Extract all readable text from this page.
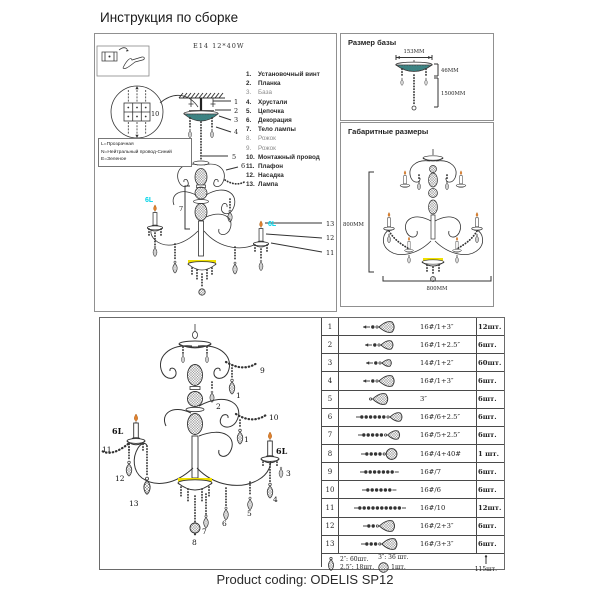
Инструкция по сборке
E14 12*40W
1
2
3
4
5
6
7
13
12
11
10
6L
6L
L=Прозрачная
N=Нейтральный провод-Синий
E=Зеленое
1.	Установочный винт
2.	Планка
3.	База
4.	Хрустали
5.	Цепочка
6.	Декорация
7.	Тело лампы
8.	Рожок
9.	Рожок
10. Монтажный провод
11. Плафон
12. Насадка
13. Лампа
Размер базы
153MM
46MM
1500MM
Габаритные размеры
800MM
800MM
9
1
2
10
1
11
12
13
3
4
5
6
7
8
6L
6L
1	16#/1+3″	12шт.
2	16#/1+2.5″	6шт.
3	14#/1+2″	60шт.
4	16#/1+3″	6шт.
5	3″	6шт.
6	16#/6+2.5″	6шт.
7	16#/5+2.5″	6шт.
8	16#/4+40#	1 шт.
9	16#/7	6шт.
10	16#/6	6шт.
11	16#/10	12шт.
12	16#/2+3″	6шт.
13	16#/3+3″	6шт.
2″: 60шт.
2.5″: 18шт.
3″: 36 шт.
1шт.	115шт.
Product coding: ODELIS SP12
